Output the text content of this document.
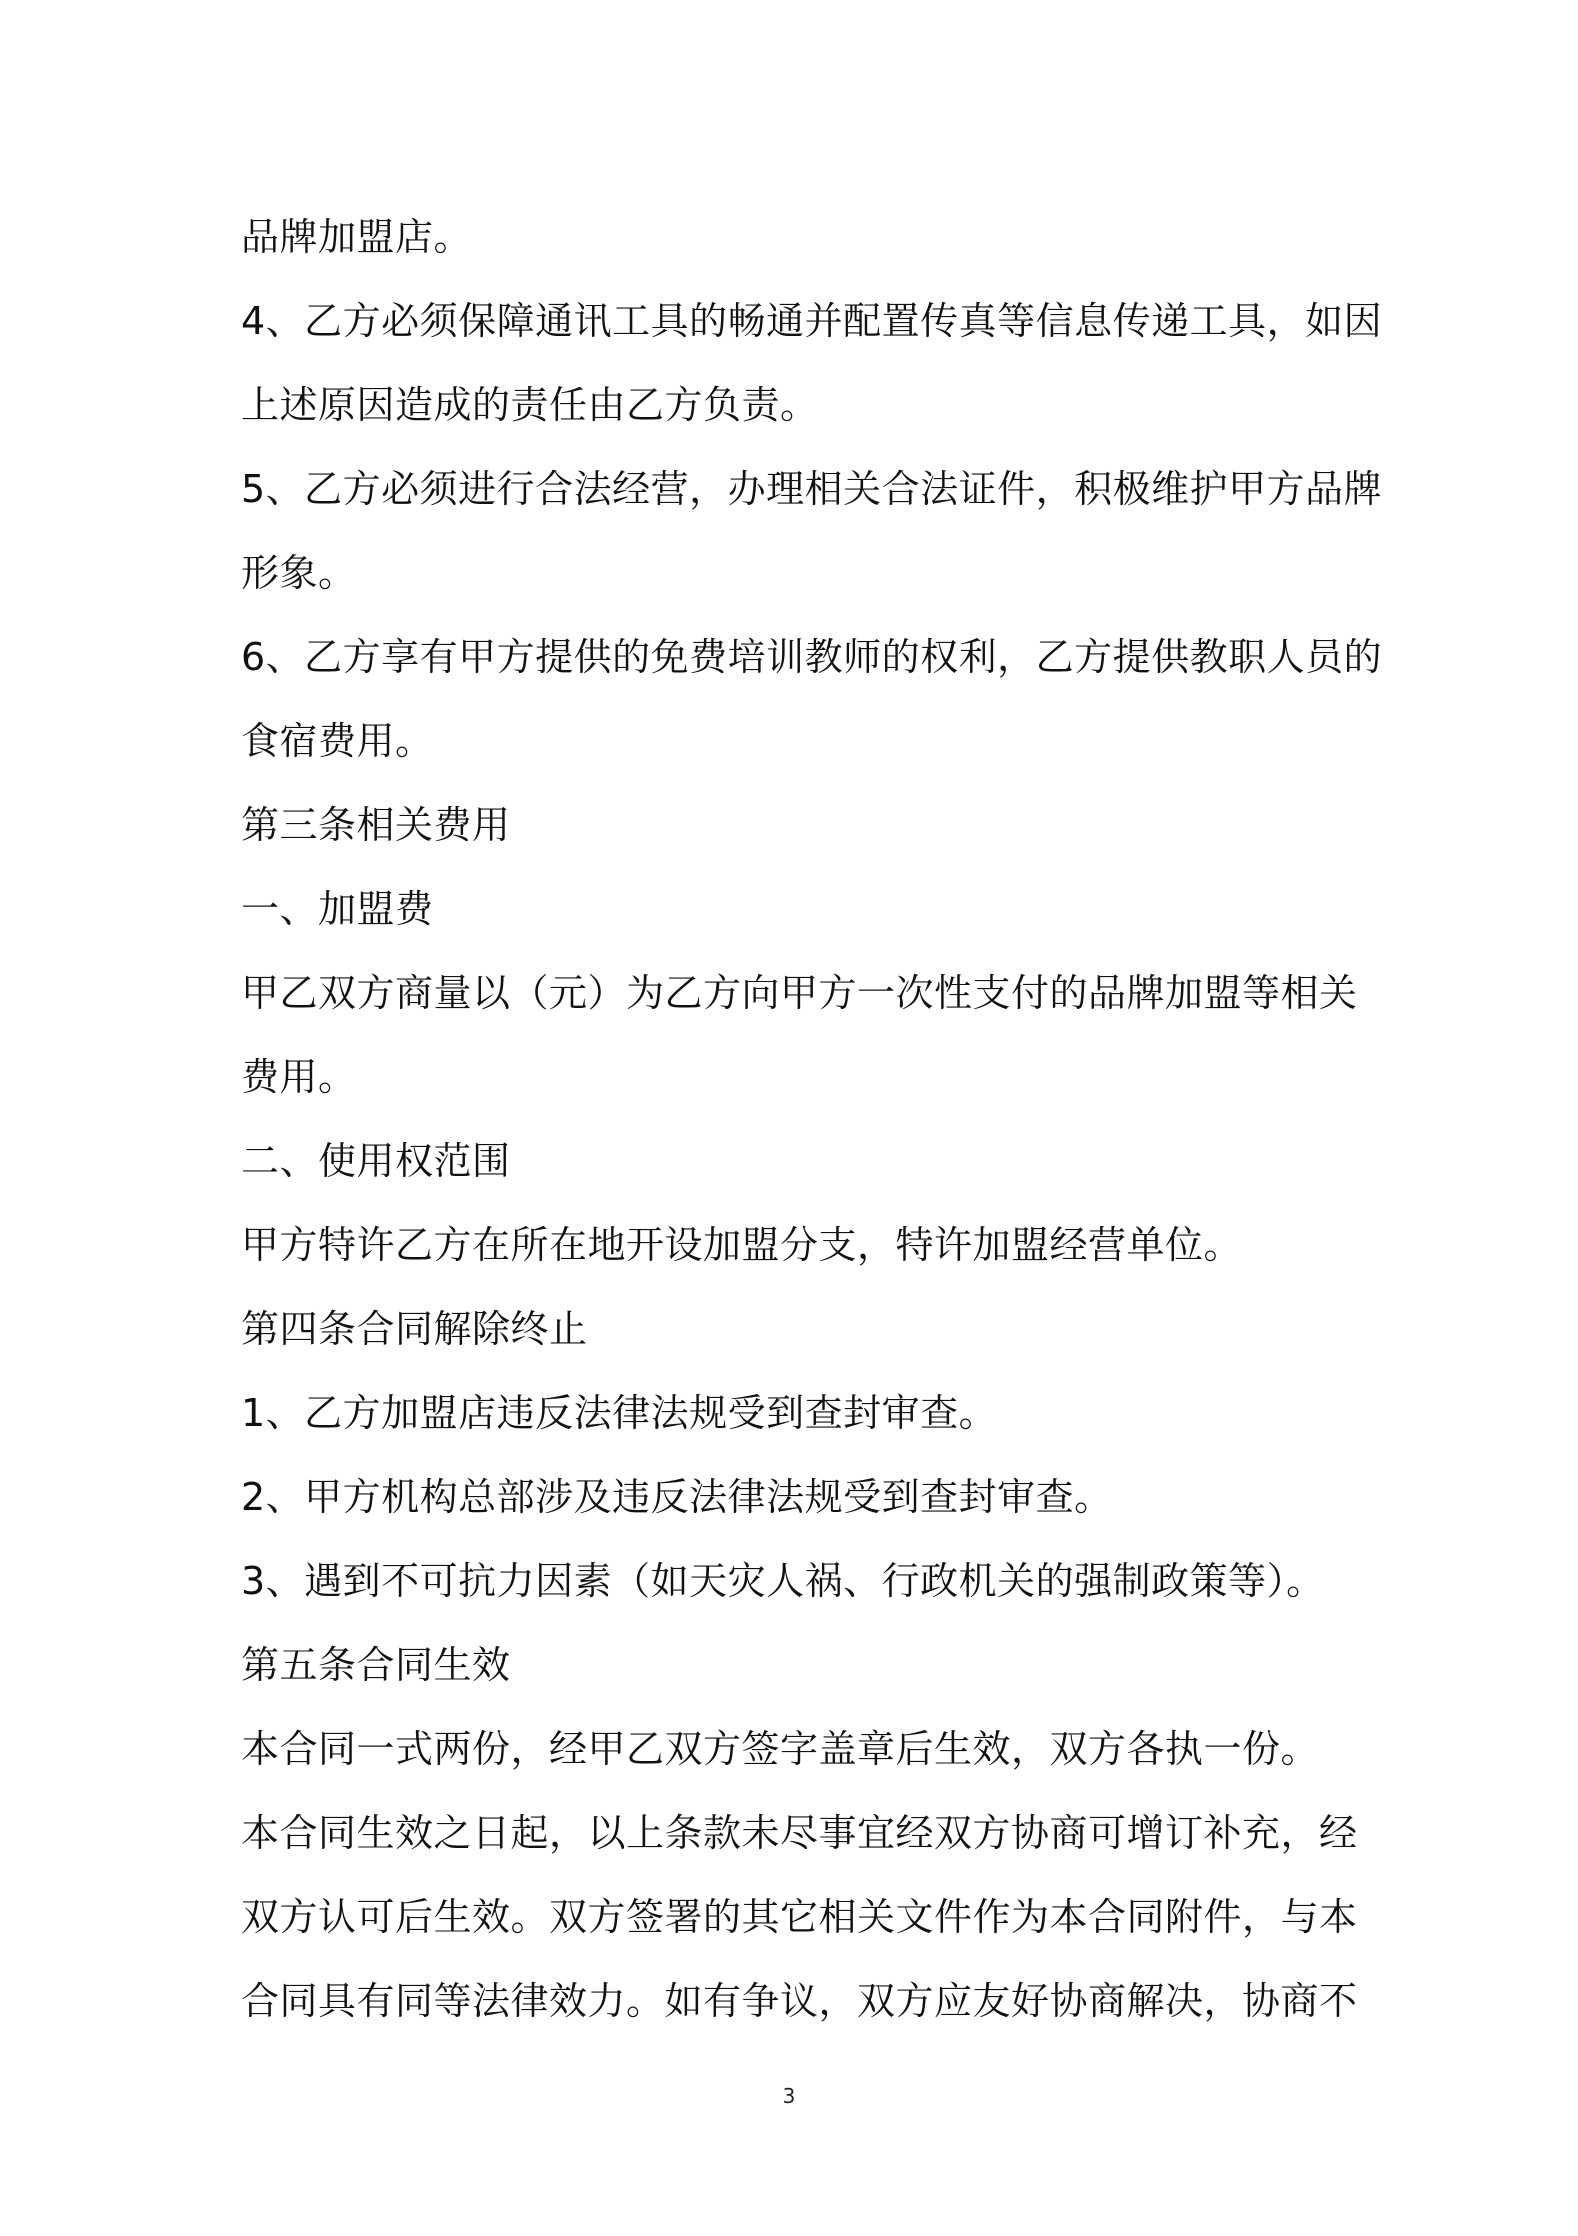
品牌加盟店。
4、乙方必须保障通讯工具的畅通并配置传真等信息传递工具，如因
上述原因造成的责任由乙方负责。
5、乙方必须进行合法经营，办理相关合法证件，积极维护甲方品牌
形象。
6、乙方享有甲方提供的免费培训教师的权利，乙方提供教职人员的
食宿费用。
第三条相关费用
一、加盟费
甲乙双方商量以（元）为乙方向甲方一次性支付的品牌加盟等相关
费用。
二、使用权范围
甲方特许乙方在所在地开设加盟分支，特许加盟经营单位。
第四条合同解除终止
1、乙方加盟店违反法律法规受到查封审查。
2、甲方机构总部涉及违反法律法规受到查封审查。
3、遇到不可抗力因素（如天灾人祸、行政机关的强制政策等）。
第五条合同生效
本合同一式两份，经甲乙双方签字盖章后生效，双方各执一份。
本合同生效之日起，以上条款未尽事宜经双方协商可增订补充，经
双方认可后生效。双方签署的其它相关文件作为本合同附件，与本
合同具有同等法律效力。如有争议，双方应友好协商解决，协商不
3
